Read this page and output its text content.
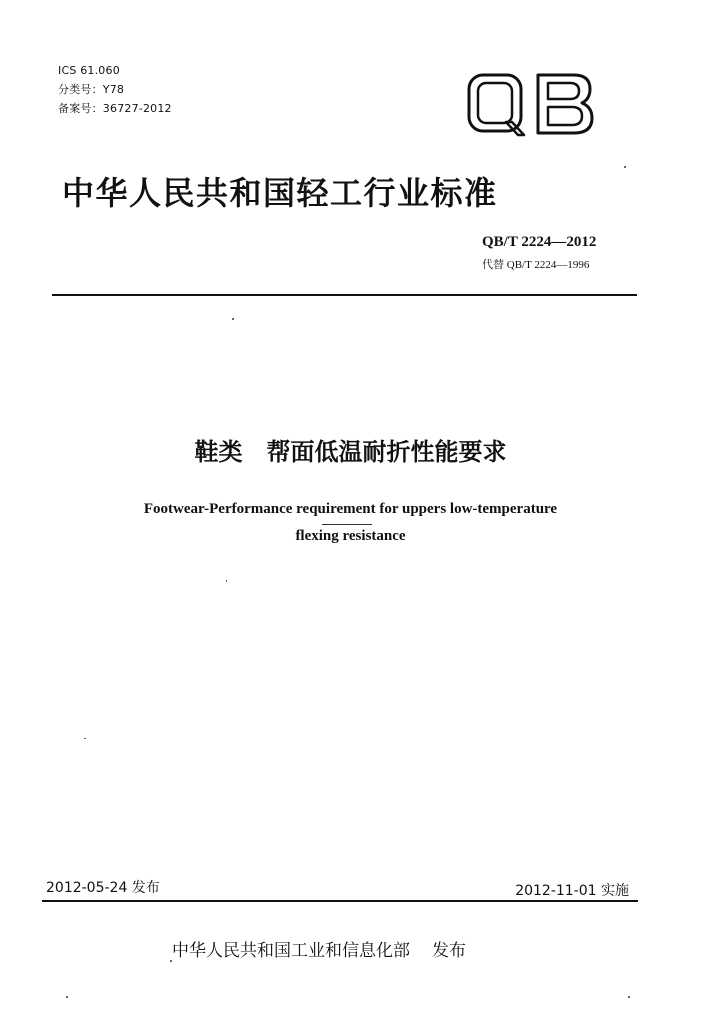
ICS 61.060
分类号：Y78
备案号：36727-2012
中华人民共和国轻工行业标准
QB/T 2224—2012
代替 QB/T 2224—1996
鞋类　帮面低温耐折性能要求
Footwear-Performance requirement for uppers low-temperature
flexing resistance
2012-05-24 发布	2012-11-01 实施
中华人民共和国工业和信息化部 发布
